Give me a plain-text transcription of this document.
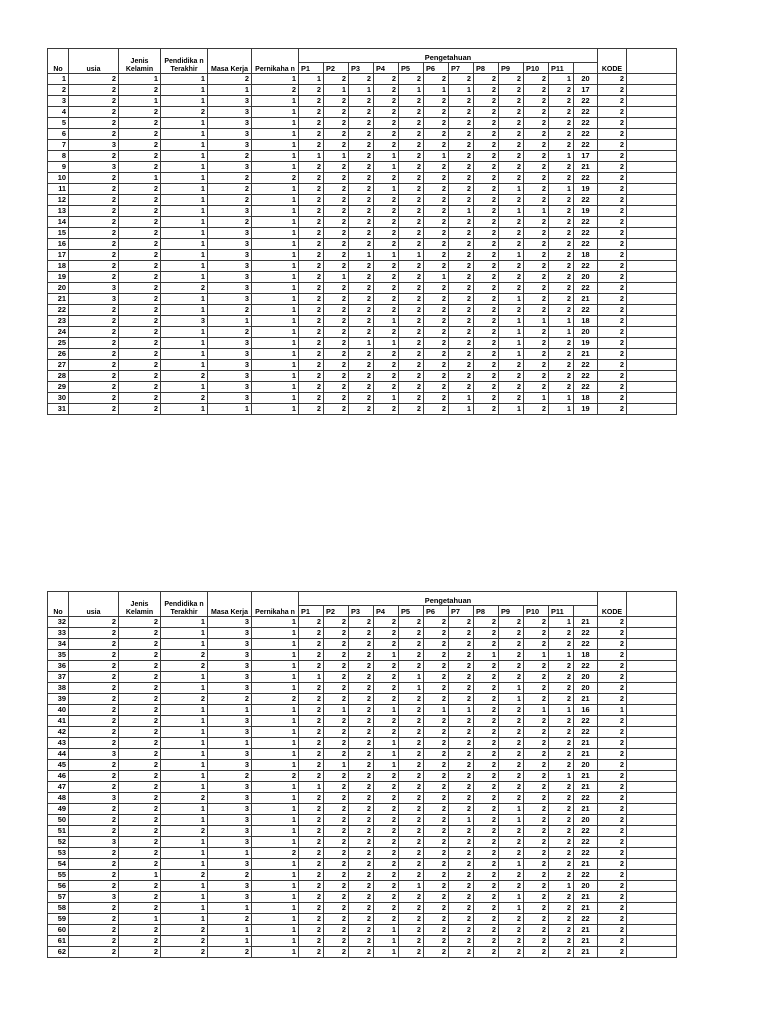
No	usia	Jenis Kelamin	Pendidika n Terakhir	Masa Kerja	Pernikaha n	Pengetahuan												KODE	
						P1	P2	P3	P4	P5	P6	P7	P8	P9	P10	P11			
1	2	1	1	2	1	1	2	2	2	2	2	2	2	2	2	1	20	2	
2	2	2	1	1	2	2	1	1	2	1	1	1	2	2	2	2	17	2	
3	2	1	1	3	1	2	2	2	2	2	2	2	2	2	2	2	22	2	
4	2	2	2	3	1	2	2	2	2	2	2	2	2	2	2	2	22	2	
5	2	2	1	3	1	2	2	2	2	2	2	2	2	2	2	2	22	2	
6	2	2	1	3	1	2	2	2	2	2	2	2	2	2	2	2	22	2	
7	3	2	1	3	1	2	2	2	2	2	2	2	2	2	2	2	22	2	
8	2	2	1	2	1	1	1	2	1	2	1	2	2	2	2	1	17	2	
9	3	2	1	3	1	2	2	2	1	2	2	2	2	2	2	2	21	2	
10	2	1	1	2	2	2	2	2	2	2	2	2	2	2	2	2	22	2	
11	2	2	1	2	1	2	2	2	1	2	2	2	2	1	2	1	19	2	
12	2	2	1	2	1	2	2	2	2	2	2	2	2	2	2	2	22	2	
13	2	2	1	3	1	2	2	2	2	2	2	1	2	1	1	2	19	2	
14	2	2	1	2	1	2	2	2	2	2	2	2	2	2	2	2	22	2	
15	2	2	1	3	1	2	2	2	2	2	2	2	2	2	2	2	22	2	
16	2	2	1	3	1	2	2	2	2	2	2	2	2	2	2	2	22	2	
17	2	2	1	3	1	2	2	1	1	1	2	2	2	1	2	2	18	2	
18	2	2	1	3	1	2	2	2	2	2	2	2	2	2	2	2	22	2	
19	2	2	1	3	1	2	1	2	2	2	1	2	2	2	2	2	20	2	
20	3	2	2	3	1	2	2	2	2	2	2	2	2	2	2	2	22	2	
21	3	2	1	3	1	2	2	2	2	2	2	2	2	1	2	2	21	2	
22	2	2	1	2	1	2	2	2	2	2	2	2	2	2	2	2	22	2	
23	2	2	3	1	1	2	2	2	1	2	2	2	2	1	1	1	18	2	
24	2	2	1	2	1	2	2	2	2	2	2	2	2	1	2	1	20	2	
25	2	2	1	3	1	2	2	1	1	2	2	2	2	1	2	2	19	2	
26	2	2	1	3	1	2	2	2	2	2	2	2	2	1	2	2	21	2	
27	2	2	1	3	1	2	2	2	2	2	2	2	2	2	2	2	22	2	
28	2	2	2	3	1	2	2	2	2	2	2	2	2	2	2	2	22	2	
29	2	2	1	3	1	2	2	2	2	2	2	2	2	2	2	2	22	2	
30	2	2	2	3	1	2	2	2	1	2	2	1	2	2	1	1	18	2	
31	2	2	1	1	1	2	2	2	2	2	2	1	2	1	2	1	19	2	
No	usia	Jenis Kelamin	Pendidika n Terakhir	Masa Kerja	Pernikaha n	Pengetahuan												KODE	
						P1	P2	P3	P4	P5	P6	P7	P8	P9	P10	P11			
32	2	2	1	3	1	2	2	2	2	2	2	2	2	2	2	1	21	2	
33	2	2	1	3	1	2	2	2	2	2	2	2	2	2	2	2	22	2	
34	2	2	1	3	1	2	2	2	2	2	2	2	2	2	2	2	22	2	
35	2	2	2	3	1	2	2	2	1	2	2	2	1	2	1	1	18	2	
36	2	2	2	3	1	2	2	2	2	2	2	2	2	2	2	2	22	2	
37	2	2	1	3	1	1	2	2	2	1	2	2	2	2	2	2	20	2	
38	2	2	1	3	1	2	2	2	2	1	2	2	2	1	2	2	20	2	
39	2	2	2	2	2	2	2	2	2	2	2	2	2	1	2	2	21	2	
40	2	2	1	1	1	2	1	2	1	2	1	1	2	2	1	1	16	1	
41	2	2	1	3	1	2	2	2	2	2	2	2	2	2	2	2	22	2	
42	2	2	1	3	1	2	2	2	2	2	2	2	2	2	2	2	22	2	
43	2	2	1	1	1	2	2	2	1	2	2	2	2	2	2	2	21	2	
44	3	2	1	3	1	2	2	2	1	2	2	2	2	2	2	2	21	2	
45	2	2	1	3	1	2	1	2	1	2	2	2	2	2	2	2	20	2	
46	2	2	1	2	2	2	2	2	2	2	2	2	2	2	2	1	21	2	
47	2	2	1	3	1	1	2	2	2	2	2	2	2	2	2	2	21	2	
48	3	2	2	3	1	2	2	2	2	2	2	2	2	2	2	2	22	2	
49	2	2	1	3	1	2	2	2	2	2	2	2	2	1	2	2	21	2	
50	2	2	1	3	1	2	2	2	2	2	2	1	2	1	2	2	20	2	
51	2	2	2	3	1	2	2	2	2	2	2	2	2	2	2	2	22	2	
52	3	2	1	3	1	2	2	2	2	2	2	2	2	2	2	2	22	2	
53	2	2	1	1	2	2	2	2	2	2	2	2	2	2	2	2	22	2	
54	2	2	1	3	1	2	2	2	2	2	2	2	2	1	2	2	21	2	
55	2	1	2	2	1	2	2	2	2	2	2	2	2	2	2	2	22	2	
56	2	2	1	3	1	2	2	2	2	1	2	2	2	2	2	1	20	2	
57	3	2	1	3	1	2	2	2	2	2	2	2	2	1	2	2	21	2	
58	2	2	1	1	1	2	2	2	2	2	2	2	2	1	2	2	21	2	
59	2	1	1	2	1	2	2	2	2	2	2	2	2	2	2	2	22	2	
60	2	2	2	1	1	2	2	2	1	2	2	2	2	2	2	2	21	2	
61	2	2	2	1	1	2	2	2	1	2	2	2	2	2	2	2	21	2	
62	2	2	2	2	1	2	2	2	1	2	2	2	2	2	2	2	21	2	
